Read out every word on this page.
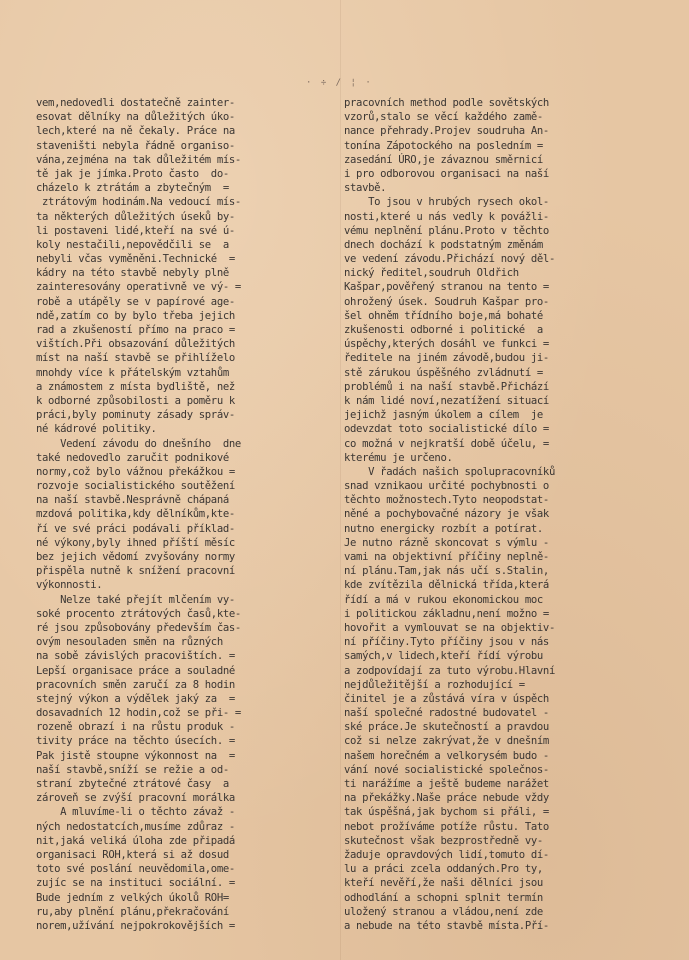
· ÷ / ¦ ·
vem,nedovedli dostatečně zainter-
esovat dělníky na důležitých úko-
lech,které na ně čekaly. Práce na
staveništi nebyla řádně organiso-
vána,zejména na tak důležitém mís-
tě jak je jímka.Proto často  do-
cházelo k ztrátám a zbytečným  =
ztrátovým hodinám.Na vedoucí mís-
ta některých důležitých úseků by-
li postaveni lidé,kteří na své ú-
koly nestačili,nepovědčili se  a
nebyli včas vyměněni.Technické  =
kádry na této stavbě nebyly plně
zainteresovány operativně ve vý- =
robě a utápěly se v papírové age-
ndě,zatím co by bylo třeba jejich
rad a zkušeností přímo na praco =
vištích.Při obsazování důležitých
míst na naší stavbě se přihlíželo
mnohdy více k přátelským vztahům
a známostem z místa bydliště, než
k odborné způsobilosti a poměru k
práci,byly pominuty zásady správ-
né kádrové politiky.
Vedení závodu do dnešního  dne
také nedovedlo zaručit podnikové
normy,což bylo vážnou překážkou =
rozvoje socialistického soutěžení
na naší stavbě.Nesprávně chápaná
mzdová politika,kdy dělníkům,kte-
ří ve své práci podávali příklad-
né výkony,byly ihned příští měsíc
bez jejich vědomí zvyšovány normy
přispěla nutně k snížení pracovní
výkonnosti.
Nelze také přejít mlčením vy-
soké procento ztrátových časů,kte-
ré jsou způsobovány především čas-
ovým nesouladen směn na různých
na sobě závislých pracovištích. =
Lepší organisace práce a souladné
pracovních směn zaručí za 8 hodin
stejný výkon a výdělek jaký za  =
dosavadních 12 hodin,což se při- =
rozeně obrazí i na růstu produk -
tivity práce na těchto úsecích. =
Pak jistě stoupne výkonnost na  =
naší stavbě,sníží se režie a od-
straní zbytečné ztrátové časy  a
zároveň se zvýší pracovní morálka
A mluvíme-li o těchto závaž -
ných nedostatcích,musíme zdůraz -
nit,jaká veliká úloha zde připadá
organisaci ROH,která si až dosud
toto své poslání neuvědomila,ome-
zujíc se na instituci sociální. =
Bude jedním z velkých úkolů ROH=
ru,aby plnění plánu,překračování
norem,užívání nejpokrokovějších =
pracovních method podle sovětských
vzorů,stalo se věcí každého zamě-
nance přehrady.Projev soudruha An-
tonína Zápotockého na posledním =
zasedání ÚRO,je závaznou směrnicí
i pro odborovou organisaci na naší
stavbě.
To jsou v hrubých rysech okol-
nosti,které u nás vedly k povážli-
vému neplnění plánu.Proto v těchto
dnech dochází k podstatným změnám
ve vedení závodu.Přichází nový děl-
nický ředitel,soudruh Oldřich
Kašpar,pověřený stranou na tento =
ohrožený úsek. Soudruh Kašpar pro-
šel ohněm třídního boje,má bohaté
zkušenosti odborné i politické  a
úspěchy,kterých dosáhl ve funkci =
ředitele na jiném závodě,budou ji-
stě zárukou úspěšného zvládnutí =
problémů i na naší stavbě.Přichází
k nám lidé noví,nezatížení situací
jejichž jasným úkolem a cílem  je
odevzdat toto socialistické dílo =
co možná v nejkratší době účelu, =
kterému je určeno.
V řadách našich spolupracovníků
snad vznikaou určité pochybnosti o
těchto možnostech.Tyto neopodstat-
něné a pochybovačné názory je však
nutno energicky rozbít a potírat.
Je nutno rázně skoncovat s výmlu -
vami na objektivní příčiny neplně-
ní plánu.Tam,jak nás učí s.Stalin,
kde zvítězila dělnická třída,která
řídí a má v rukou ekonomickou moc
i politickou základnu,není možno =
hovořit a vymlouvat se na objektiv-
ní příčiny.Tyto příčiny jsou v nás
samých,v lidech,kteří řídí výrobu
a zodpovídají za tuto výrobu.Hlavní
nejdůležitější a rozhodující =
činitel je a zůstává víra v úspěch
naší společné radostné budovatel -
ské práce.Je skutečností a pravdou
což si nelze zakrývat,že v dnešním
našem horečném a velkorysém budo -
vání nové socialistické společnos-
ti narážíme a ještě budeme narážet
na překážky.Naše práce nebude vždy
tak úspěšná,jak bychom si přáli, =
nebot prožíváme potíže růstu. Tato
skutečnost však bezprostředně vy-
žaduje opravdových lidí,tomuto dí-
lu a práci zcela oddaných.Pro ty,
kteří nevěří,že naši dělníci jsou
odhodlání a schopni splnit termín
uložený stranou a vládou,není zde
a nebude na této stavbě místa.Pří-
